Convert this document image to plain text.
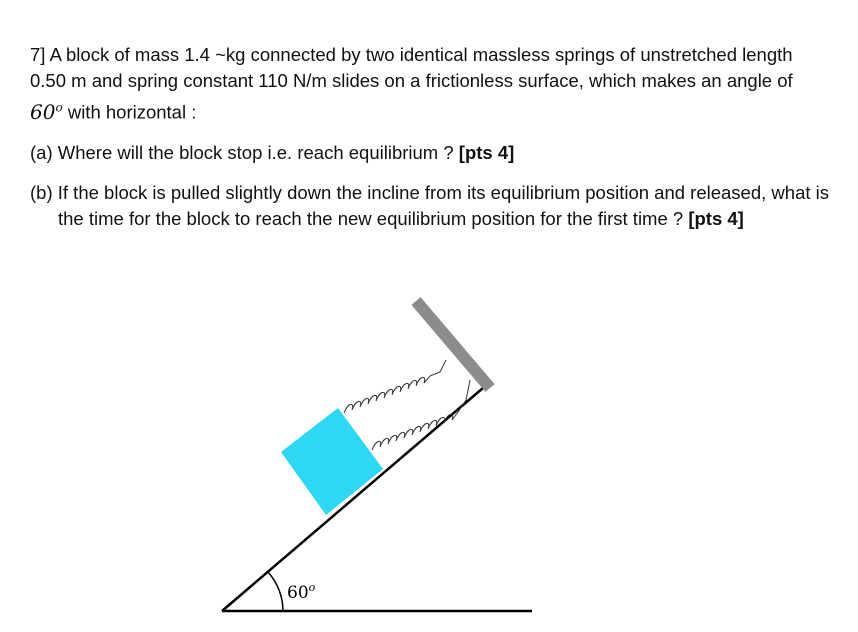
7] A block of mass 1.4 ~kg connected by two identical massless springs of unstretched length 0.50 m and spring constant 110 N/m slides on a frictionless surface, which makes an angle of 60$^o$ with horizontal :
(a) Where will the block stop i.e. reach equilibrium ? [pts 4]
(b) If the block is pulled slightly down the incline from its equilibrium position and released, what is the time for the block to reach the new equilibrium position for the first time ? [pts 4]
60$^o$
